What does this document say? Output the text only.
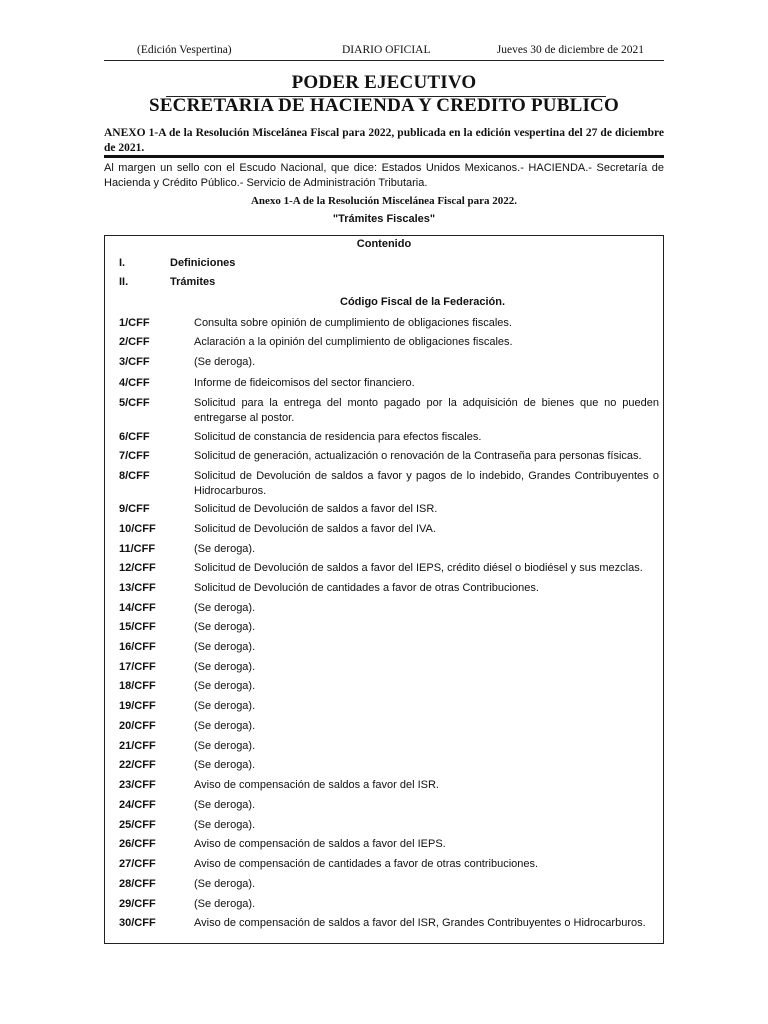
(Edición Vespertina)	DIARIO OFICIAL	Jueves 30 de diciembre de 2021
PODER EJECUTIVO
SECRETARIA DE HACIENDA Y CREDITO PUBLICO
ANEXO 1-A de la Resolución Miscelánea Fiscal para 2022, publicada en la edición vespertina del 27 de diciembre de 2021.
Al margen un sello con el Escudo Nacional, que dice: Estados Unidos Mexicanos.- HACIENDA.- Secretaría de Hacienda y Crédito Público.- Servicio de Administración Tributaria.
Anexo 1-A de la Resolución Miscelánea Fiscal para 2022.
"Trámites Fiscales"
Contenido
I.	Definiciones
II.	Trámites
Código Fiscal de la Federación.
1/CFF	Consulta sobre opinión de cumplimiento de obligaciones fiscales.
2/CFF	Aclaración a la opinión del cumplimiento de obligaciones fiscales.
3/CFF	(Se deroga).
4/CFF	Informe de fideicomisos del sector financiero.
5/CFF	Solicitud para la entrega del monto pagado por la adquisición de bienes que no pueden entregarse al postor.
6/CFF	Solicitud de constancia de residencia para efectos fiscales.
7/CFF	Solicitud de generación, actualización o renovación de la Contraseña para personas físicas.
8/CFF	Solicitud de Devolución de saldos a favor y pagos de lo indebido, Grandes Contribuyentes o Hidrocarburos.
9/CFF	Solicitud de Devolución de saldos a favor del ISR.
10/CFF	Solicitud de Devolución de saldos a favor del IVA.
11/CFF	(Se deroga).
12/CFF	Solicitud de Devolución de saldos a favor del IEPS, crédito diésel o biodiésel y sus mezclas.
13/CFF	Solicitud de Devolución de cantidades a favor de otras Contribuciones.
14/CFF	(Se deroga).
15/CFF	(Se deroga).
16/CFF	(Se deroga).
17/CFF	(Se deroga).
18/CFF	(Se deroga).
19/CFF	(Se deroga).
20/CFF	(Se deroga).
21/CFF	(Se deroga).
22/CFF	(Se deroga).
23/CFF	Aviso de compensación de saldos a favor del ISR.
24/CFF	(Se deroga).
25/CFF	(Se deroga).
26/CFF	Aviso de compensación de saldos a favor del IEPS.
27/CFF	Aviso de compensación de cantidades a favor de otras contribuciones.
28/CFF	(Se deroga).
29/CFF	(Se deroga).
30/CFF	Aviso de compensación de saldos a favor del ISR, Grandes Contribuyentes o Hidrocarburos.
